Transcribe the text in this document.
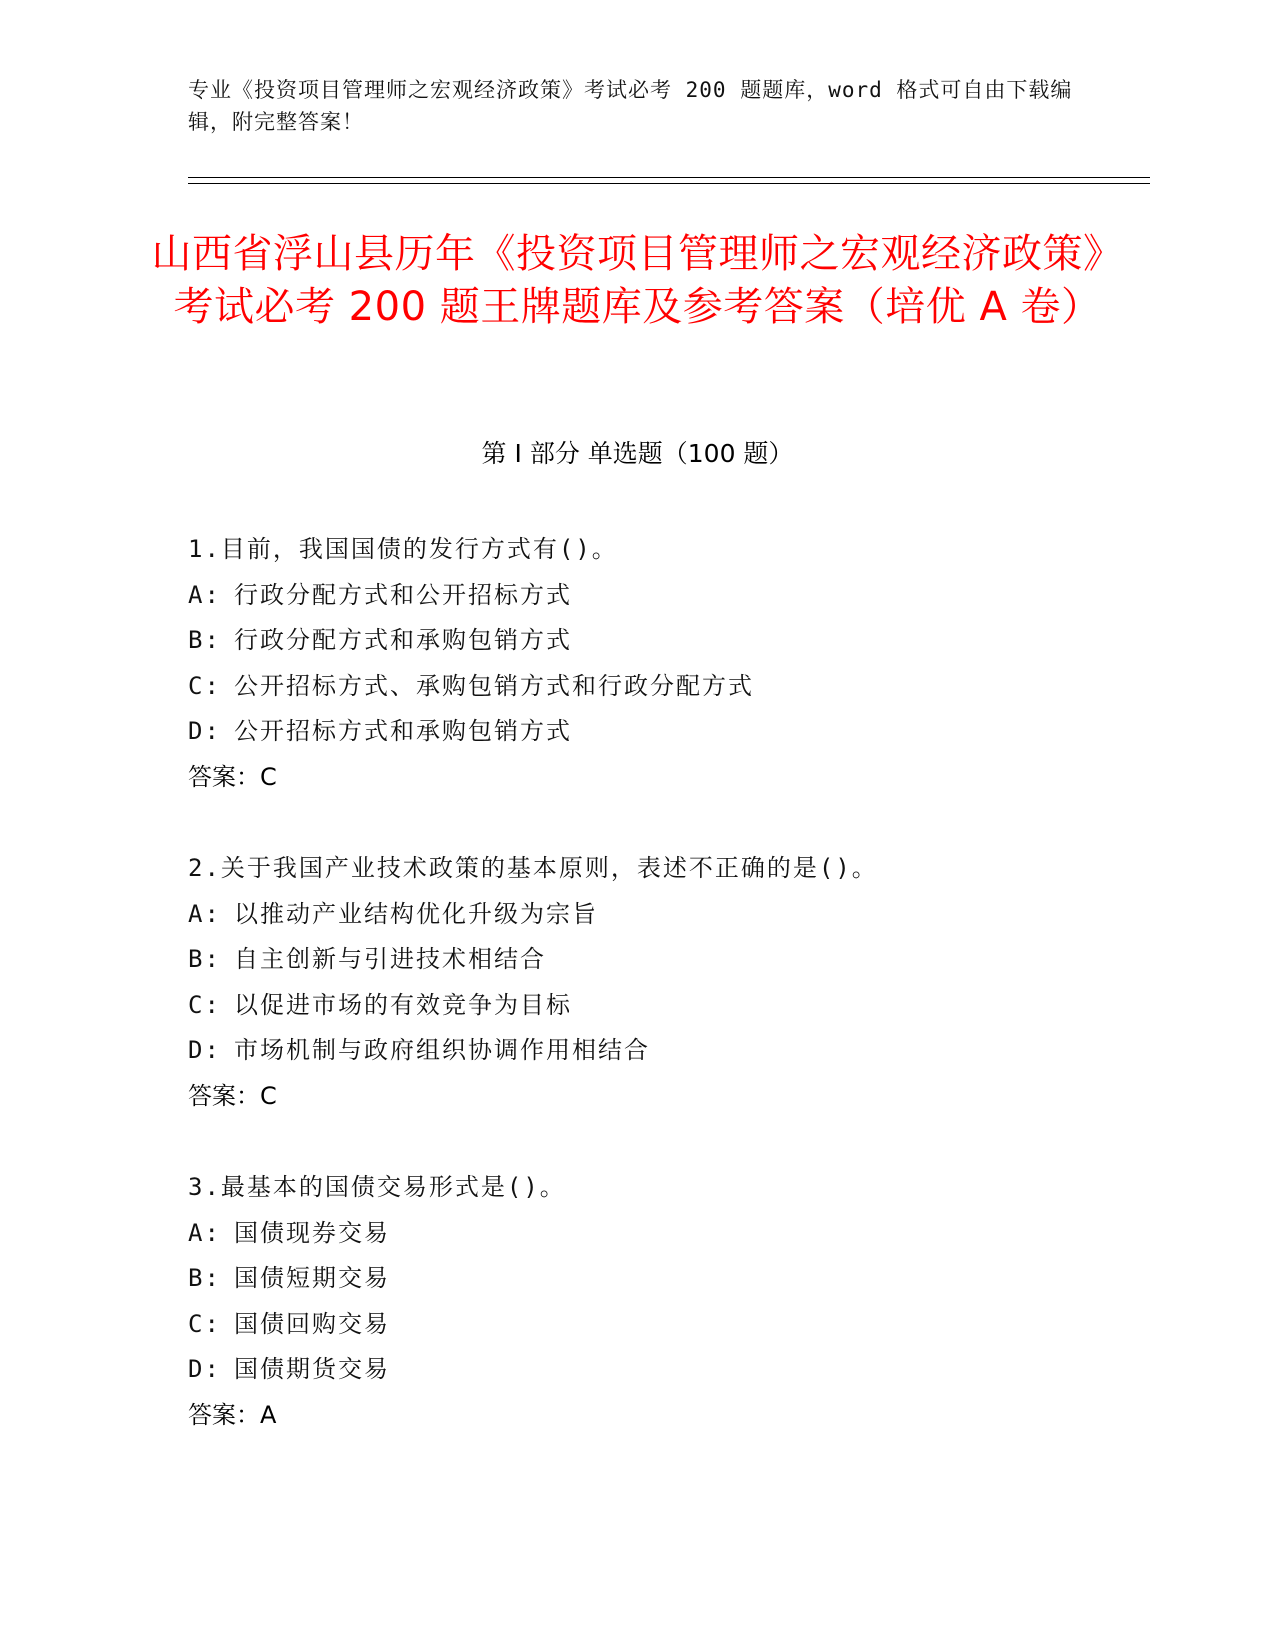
专业《投资项目管理师之宏观经济政策》考试必考 200 题题库，word 格式可自由下载编辑，附完整答案！
山西省浮山县历年《投资项目管理师之宏观经济政策》考试必考 200 题王牌题库及参考答案（培优 A 卷）
第 I 部分 单选题（100 题）
1.目前，我国国债的发行方式有()。
A: 行政分配方式和公开招标方式
B: 行政分配方式和承购包销方式
C: 公开招标方式、承购包销方式和行政分配方式
D: 公开招标方式和承购包销方式
答案：C
2.关于我国产业技术政策的基本原则，表述不正确的是()。
A: 以推动产业结构优化升级为宗旨
B: 自主创新与引进技术相结合
C: 以促进市场的有效竞争为目标
D: 市场机制与政府组织协调作用相结合
答案：C
3.最基本的国债交易形式是()。
A: 国债现券交易
B: 国债短期交易
C: 国债回购交易
D: 国债期货交易
答案：A
